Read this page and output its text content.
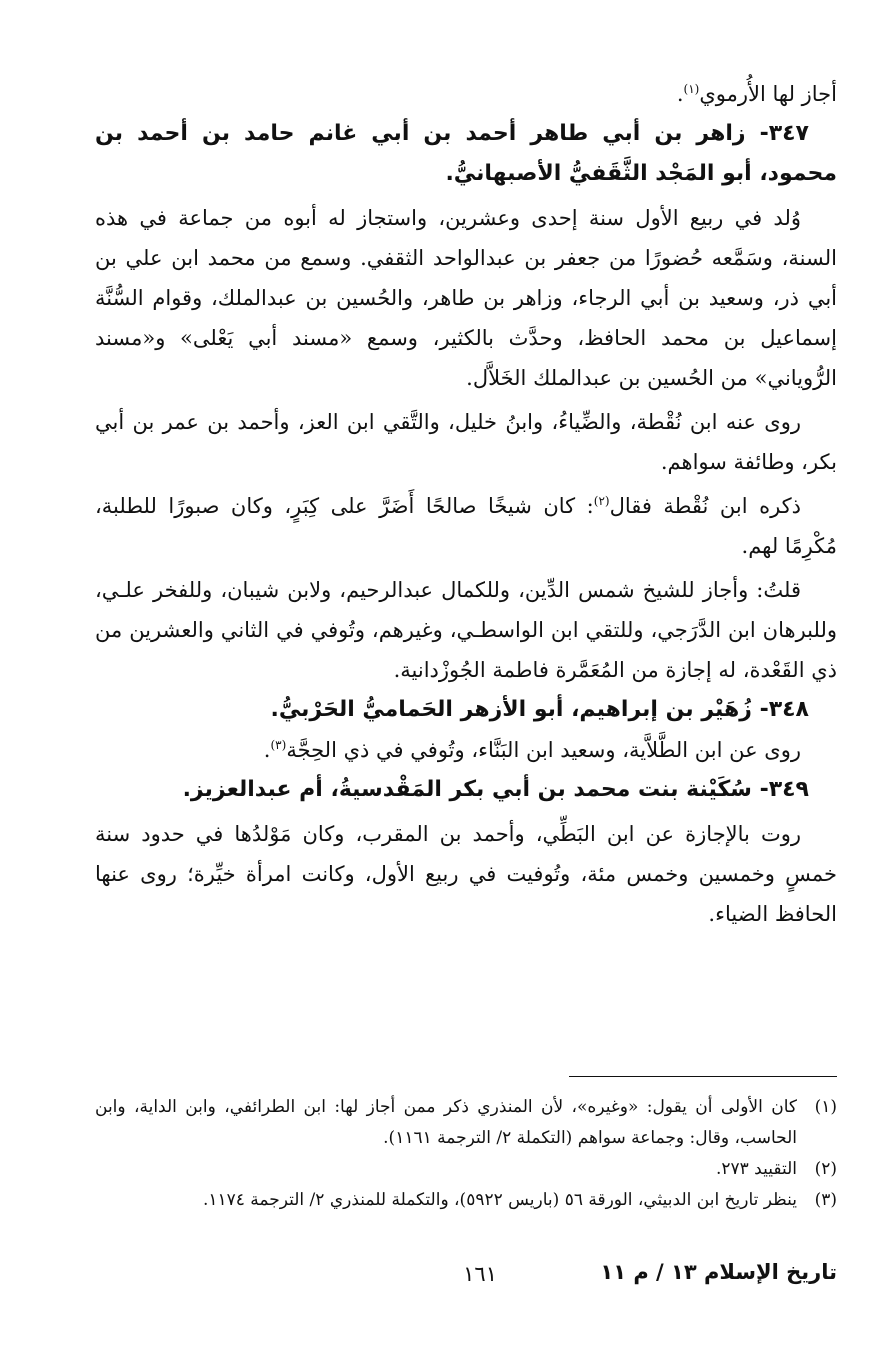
أجاز لها الأُرموي$^{(١)}$.

٣٤٧- زاهر بن أبي طاهر أحمد بن أبي غانم حامد بن أحمد بن محمود، أبو المَجْد الثَّقَفيُّ الأصبهانيُّ.

وُلد في ربيع الأول سنة إحدى وعشرين، واستجاز له أبوه من جماعة في هذه السنة، وسَمَّعه حُضورًا من جعفر بن عبدالواحد الثقفي. وسمع من محمد ابن علي بن أبي ذر، وسعيد بن أبي الرجاء، وزاهر بن طاهر، والحُسين بن عبدالملك، وقوام السُّنَّة إسماعيل بن محمد الحافظ، وحدَّث بالكثير، وسمع «مسند أبي يَعْلى» و«مسند الرُّوياني» من الحُسين بن عبدالملك الخَلاَّل.

روى عنه ابن نُقْطة، والضِّياءُ، وابنُ خليل، والتَّقي ابن العز، وأحمد بن عمر بن أبي بكر، وطائفة سواهم.

ذكره ابن نُقْطة فقال$^{(٢)}$: كان شيخًا صالحًا أَضَرَّ على كِبَرٍ، وكان صبورًا للطلبة، مُكْرِمًا لهم.

قلتُ: وأجاز للشيخ شمس الدِّين، وللكمال عبدالرحيم، ولابن شيبان، وللفخر علـي، وللبرهان ابن الدَّرَجي، وللتقي ابن الواسطـي، وغيرهم، وتُوفي في الثاني والعشرين من ذي القَعْدة، له إجازة من المُعَمَّرة فاطمة الجُوزْدانية.

٣٤٨- زُهَيْر بن إبراهيم، أبو الأزهر الحَماميُّ الحَرْبيُّ.

روى عن ابن الطَّلاَّية، وسعيد ابن البَنَّاء، وتُوفي في ذي الحِجَّة$^{(٣)}$.

٣٤٩- سُكَيْنة بنت محمد بن أبي بكر المَقْدسيةُ، أم عبدالعزيز.

روت بالإجازة عن ابن البَطِّي، وأحمد بن المقرب، وكان مَوْلدُها في حدود سنة خمسٍ وخمسين وخمس مئة، وتُوفيت في ربيع الأول، وكانت امرأة خيِّرة؛ روى عنها الحافظ الضياء.

(١)
كان الأولى أن يقول: «وغيره»، لأن المنذري ذكر ممن أجاز لها: ابن الطرائفي، وابن الداية، وابن الحاسب، وقال: وجماعة سواهم (التكملة ٢/ الترجمة ١١٦١).
(٢)
التقييد ٢٧٣.
(٣)
ينظر تاريخ ابن الدبيثي، الورقة ٥٦ (باريس ٥٩٢٢)، والتكملة للمنذري ٢/ الترجمة ١١٧٤.
تاريخ الإسلام ١٣ / م ١١
١٦١
